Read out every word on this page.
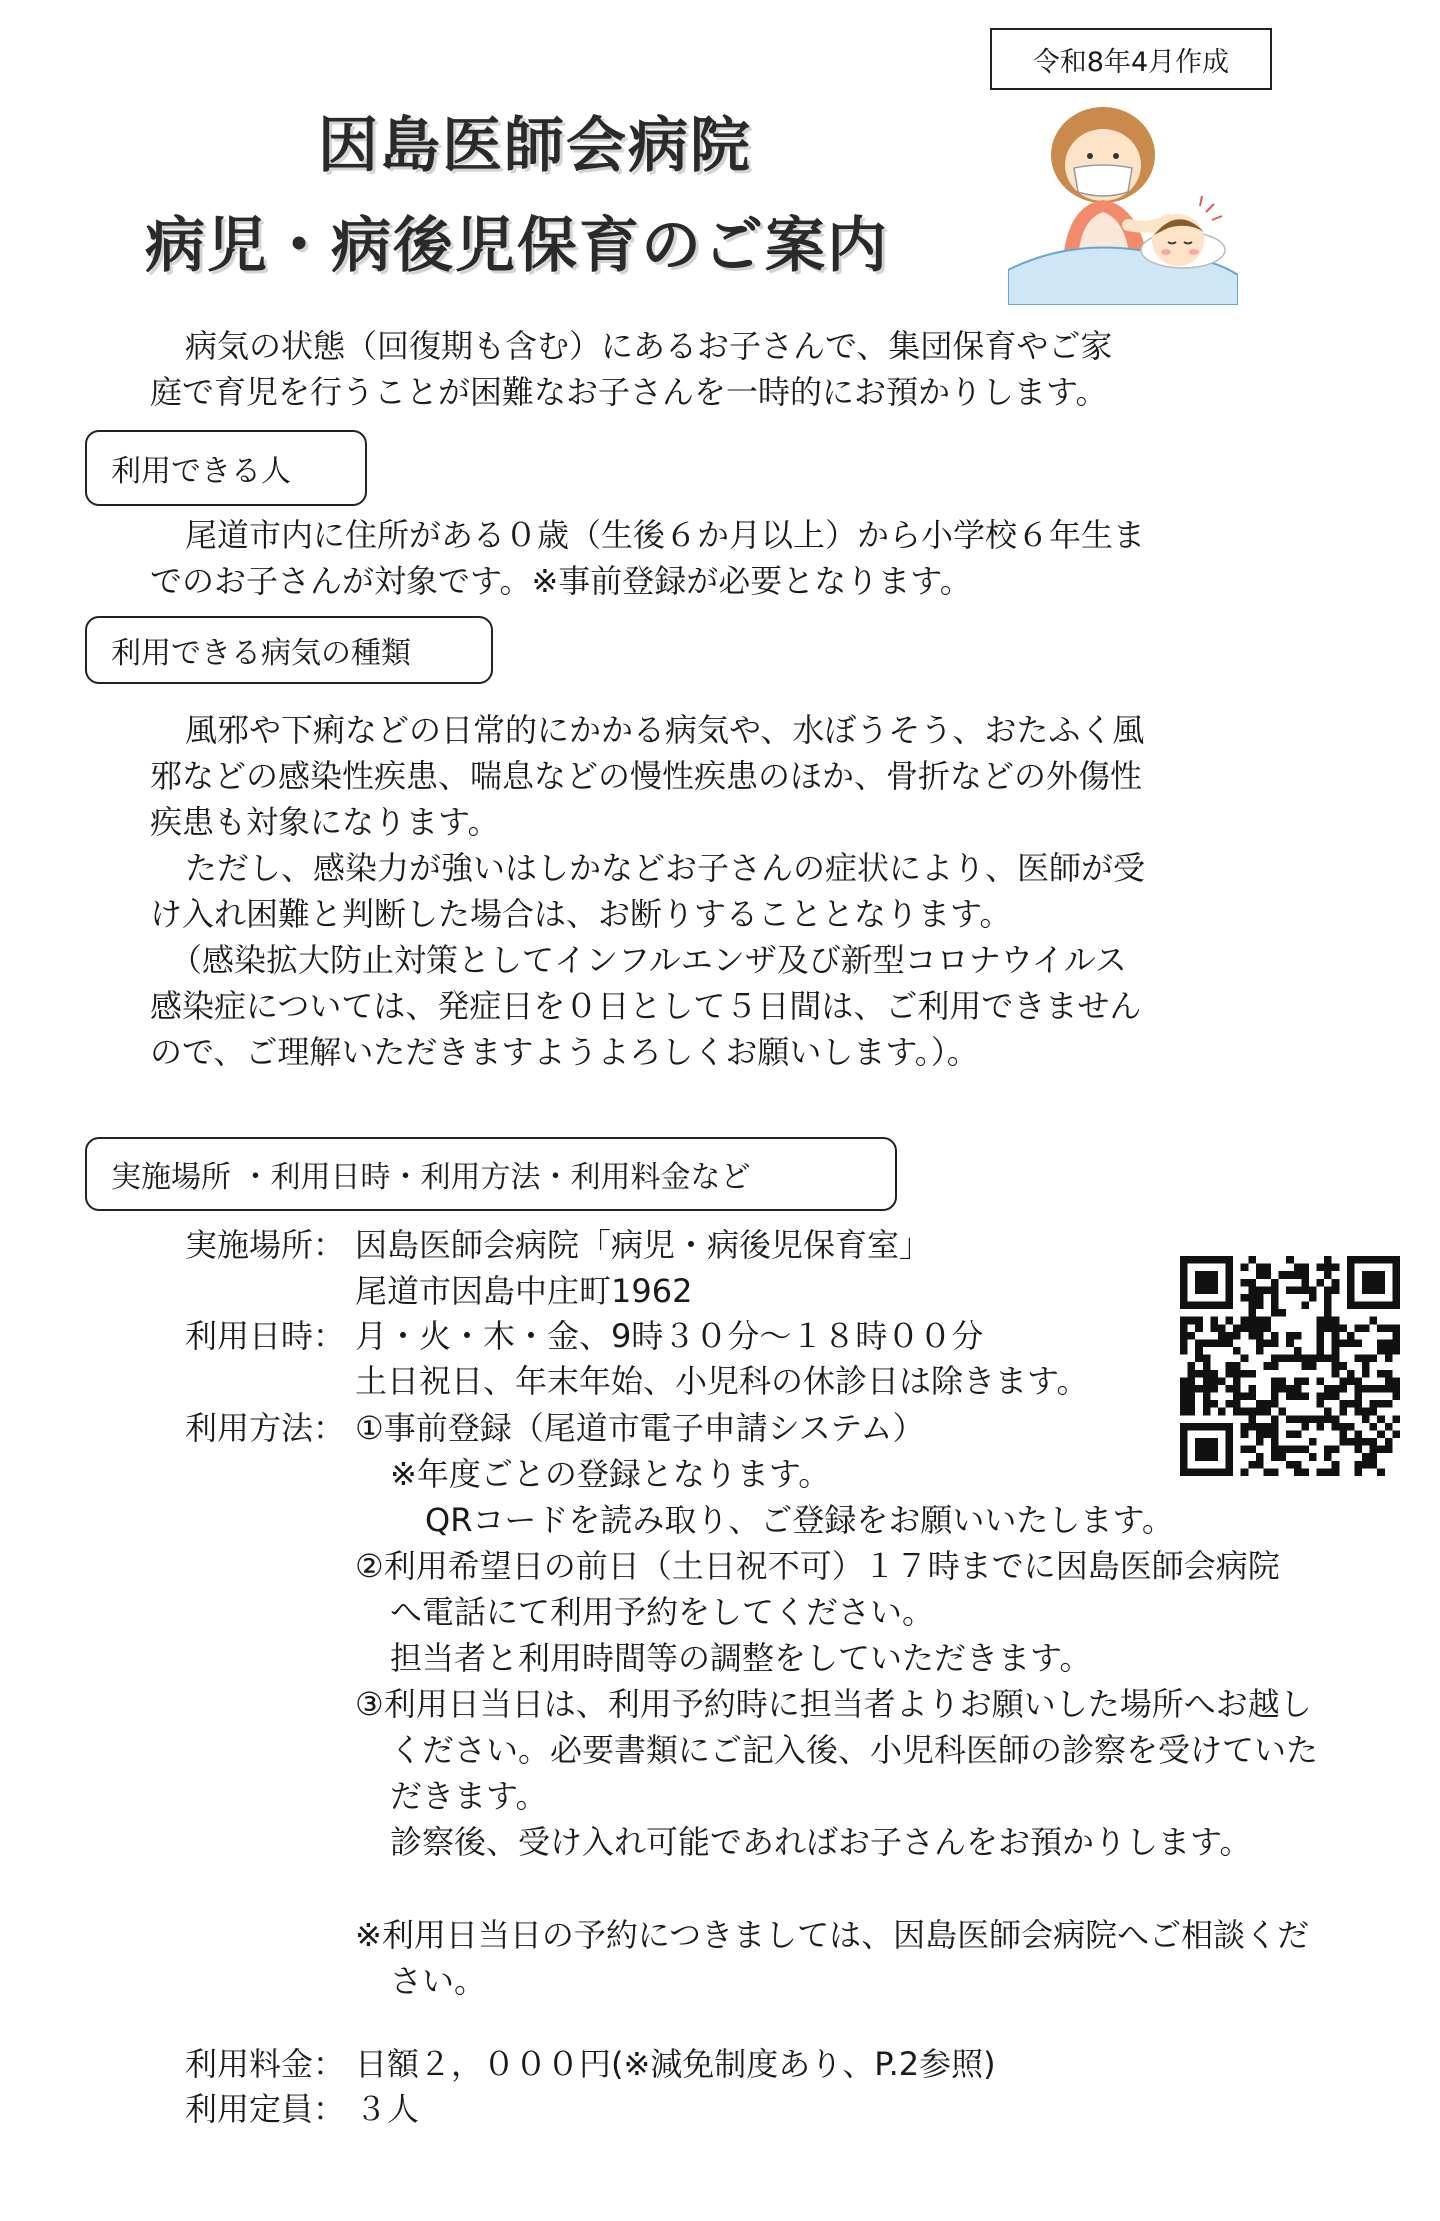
令和8年4月作成
因島医師会病院
病児・病後児保育のご案内
病気の状態（回復期も含む）にあるお子さんで、集団保育やご家
庭で育児を行うことが困難なお子さんを一時的にお預かりします。
利用できる人
尾道市内に住所がある０歳（生後６か月以上）から小学校６年生ま
でのお子さんが対象です。※事前登録が必要となります。
利用できる病気の種類
風邪や下痢などの日常的にかかる病気や、水ぼうそう、おたふく風
邪などの感染性疾患、喘息などの慢性疾患のほか、骨折などの外傷性
疾患も対象になります。
ただし、感染力が強いはしかなどお子さんの症状により、医師が受
け入れ困難と判断した場合は、お断りすることとなります。
（感染拡大防止対策としてインフルエンザ及び新型コロナウイルス
感染症については、発症日を０日として５日間は、ご利用できません
ので、ご理解いただきますようよろしくお願いします。）。
実施場所 ・利用日時・利用方法・利用料金など
実施場所： 因島医師会病院「病児・病後児保育室」
尾道市因島中庄町1962
利用日時： 月・火・木・金、9時３０分～１８時００分
土日祝日、年末年始、小児科の休診日は除きます。
利用方法： ①事前登録（尾道市電子申請システム）
※年度ごとの登録となります。
QRコードを読み取り、ご登録をお願いいたします。
②利用希望日の前日（土日祝不可）１７時までに因島医師会病院
へ電話にて利用予約をしてください。
担当者と利用時間等の調整をしていただきます。
③利用日当日は、利用予約時に担当者よりお願いした場所へお越し
ください。必要書類にご記入後、小児科医師の診察を受けていた
だきます。
診察後、受け入れ可能であればお子さんをお預かりします。
※利用日当日の予約につきましては、因島医師会病院へご相談くだ
さい。
利用料金： 日額２，０００円(※減免制度あり、P.2参照)
利用定員： ３人
